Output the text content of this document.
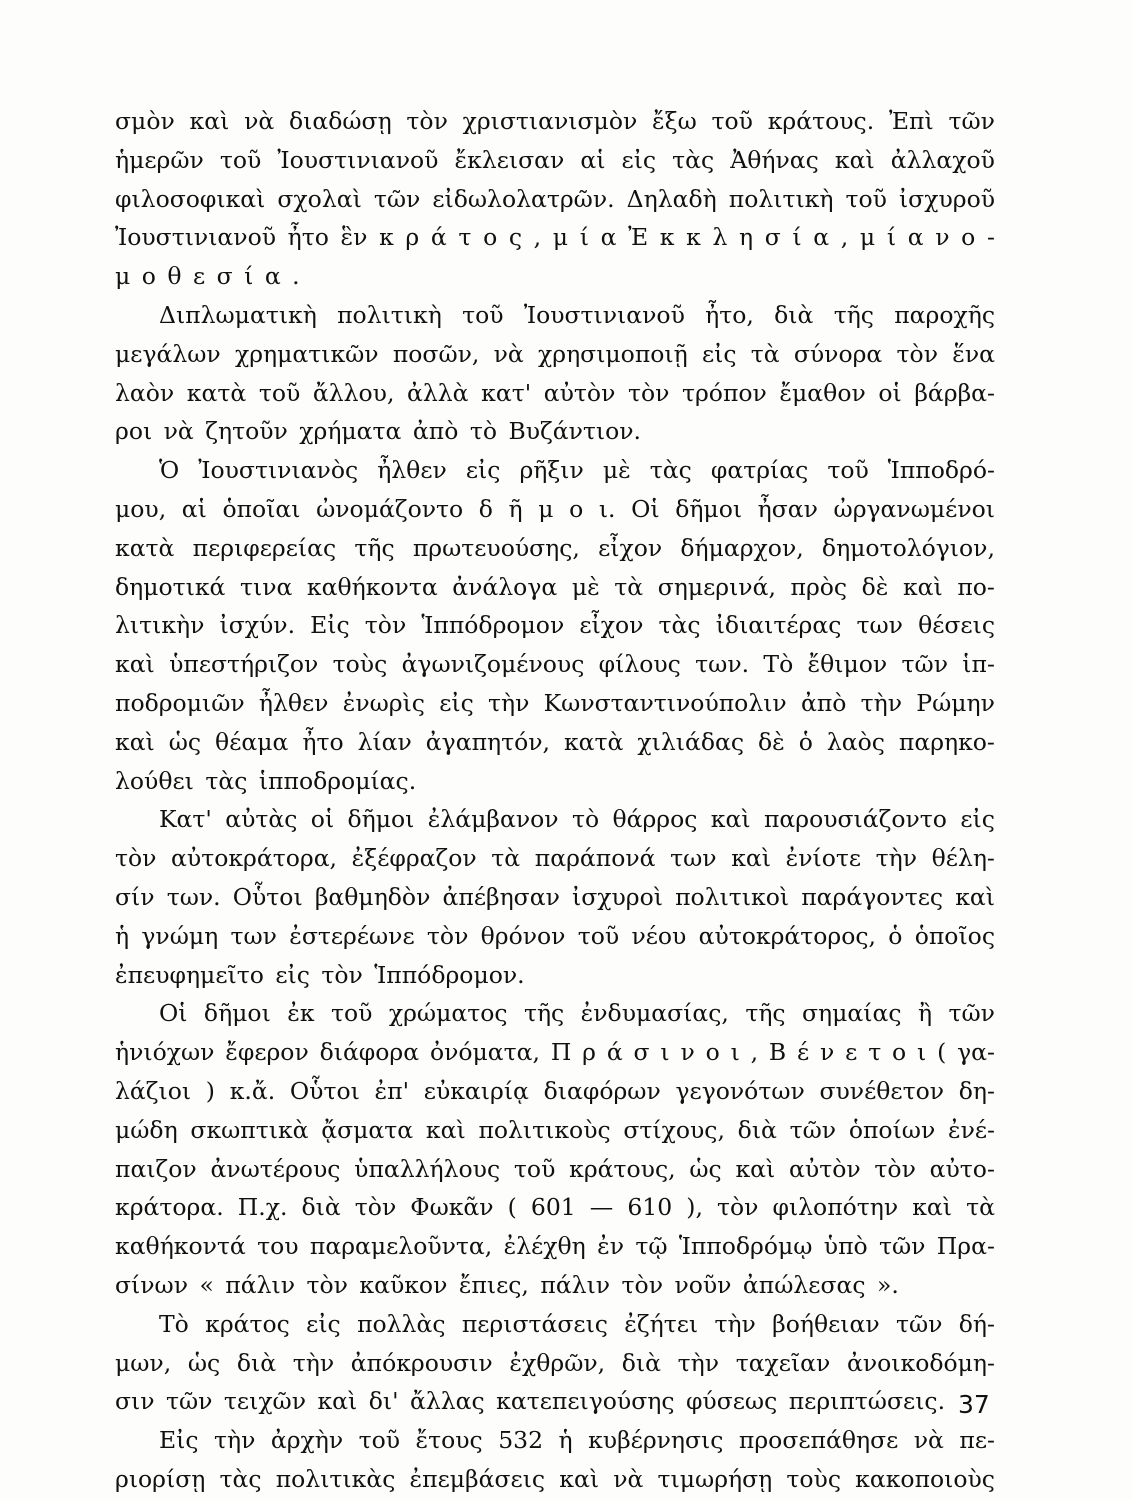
σμὸν καὶ νὰ διαδώσῃ τὸν χριστιανισμὸν ἔξω τοῦ κράτους. Ἐπὶ τῶν
ἡμερῶν τοῦ Ἰουστινιανοῦ ἔκλεισαν αἱ εἰς τὰς Ἀθήνας καὶ ἀλλαχοῦ
φιλοσοφικαὶ σχολαὶ τῶν εἰδωλολατρῶν. Δηλαδὴ πολιτικὴ τοῦ ἰσχυροῦ
Ἰουστινιανοῦ ἦτο ἓν κ ρ ά τ ο ς , μ ί α Ἐ κ κ λ η σ ί α , μ ί α ν ο -
μ ο θ ε σ ί α .
Διπλωματικὴ πολιτικὴ τοῦ Ἰουστινιανοῦ ἦτο, διὰ τῆς παροχῆς
μεγάλων χρηματικῶν ποσῶν, νὰ χρησιμοποιῇ εἰς τὰ σύνορα τὸν ἕνα
λαὸν κατὰ τοῦ ἄλλου, ἀλλὰ κατ' αὐτὸν τὸν τρόπον ἔμαθον οἱ βάρβα-
ροι νὰ ζητοῦν χρήματα ἀπὸ τὸ Βυζάντιον.
Ὁ Ἰουστινιανὸς ἦλθεν εἰς ρῆξιν μὲ τὰς φατρίας τοῦ Ἱπποδρό-
μου, αἱ ὁποῖαι ὠνομάζοντο δ ῆ μ ο ι. Οἱ δῆμοι ἦσαν ὠργανωμένοι
κατὰ περιφερείας τῆς πρωτευούσης, εἶχον δήμαρχον, δημοτολόγιον,
δημοτικά τινα καθήκοντα ἀνάλογα μὲ τὰ σημερινά, πρὸς δὲ καὶ πο-
λιτικὴν ἰσχύν. Εἰς τὸν Ἱππόδρομον εἶχον τὰς ἰδιαιτέρας των θέσεις
καὶ ὑπεστήριζον τοὺς ἀγωνιζομένους φίλους των. Τὸ ἔθιμον τῶν ἱπ-
ποδρομιῶν ἦλθεν ἐνωρὶς εἰς τὴν Κωνσταντινούπολιν ἀπὸ τὴν Ρώμην
καὶ ὡς θέαμα ἦτο λίαν ἀγαπητόν, κατὰ χιλιάδας δὲ ὁ λαὸς παρηκο-
λούθει τὰς ἱπποδρομίας.
Κατ' αὐτὰς οἱ δῆμοι ἐλάμβανον τὸ θάρρος καὶ παρουσιάζοντο εἰς
τὸν αὐτοκράτορα, ἐξέφραζον τὰ παράπονά των καὶ ἐνίοτε τὴν θέλη-
σίν των. Οὗτοι βαθμηδὸν ἀπέβησαν ἰσχυροὶ πολιτικοὶ παράγοντες καὶ
ἡ γνώμη των ἐστερέωνε τὸν θρόνον τοῦ νέου αὐτοκράτορος, ὁ ὁποῖος
ἐπευφημεῖτο εἰς τὸν Ἱππόδρομον.
Οἱ δῆμοι ἐκ τοῦ χρώματος τῆς ἐνδυμασίας, τῆς σημαίας ἢ τῶν
ἡνιόχων ἔφερον διάφορα ὀνόματα, Π ρ ά σ ι ν ο ι , Β έ ν ε τ ο ι ( γα-
λάζιοι ) κ.ἄ. Οὗτοι ἐπ' εὐκαιρίᾳ διαφόρων γεγονότων συνέθετον δη-
μώδη σκωπτικὰ ᾄσματα καὶ πολιτικοὺς στίχους, διὰ τῶν ὁποίων ἐνέ-
παιζον ἀνωτέρους ὑπαλλήλους τοῦ κράτους, ὡς καὶ αὐτὸν τὸν αὐτο-
κράτορα. Π.χ. διὰ τὸν Φωκᾶν ( 601 — 610 ), τὸν φιλοπότην καὶ τὰ
καθήκοντά του παραμελοῦντα, ἐλέχθη ἐν τῷ Ἱπποδρόμῳ ὑπὸ τῶν Πρα-
σίνων « πάλιν τὸν καῦκον ἔπιες, πάλιν τὸν νοῦν ἀπώλεσας ».
Τὸ κράτος εἰς πολλὰς περιστάσεις ἐζήτει τὴν βοήθειαν τῶν δή-
μων, ὡς διὰ τὴν ἀπόκρουσιν ἐχθρῶν, διὰ τὴν ταχεῖαν ἀνοικοδόμη-
σιν τῶν τειχῶν καὶ δι' ἄλλας κατεπειγούσης φύσεως περιπτώσεις.
Εἰς τὴν ἀρχὴν τοῦ ἔτους 532 ἡ κυβέρνησις προσεπάθησε νὰ πε-
ριορίσῃ τὰς πολιτικὰς ἐπεμβάσεις καὶ νὰ τιμωρήσῃ τοὺς κακοποιοὺς
37
